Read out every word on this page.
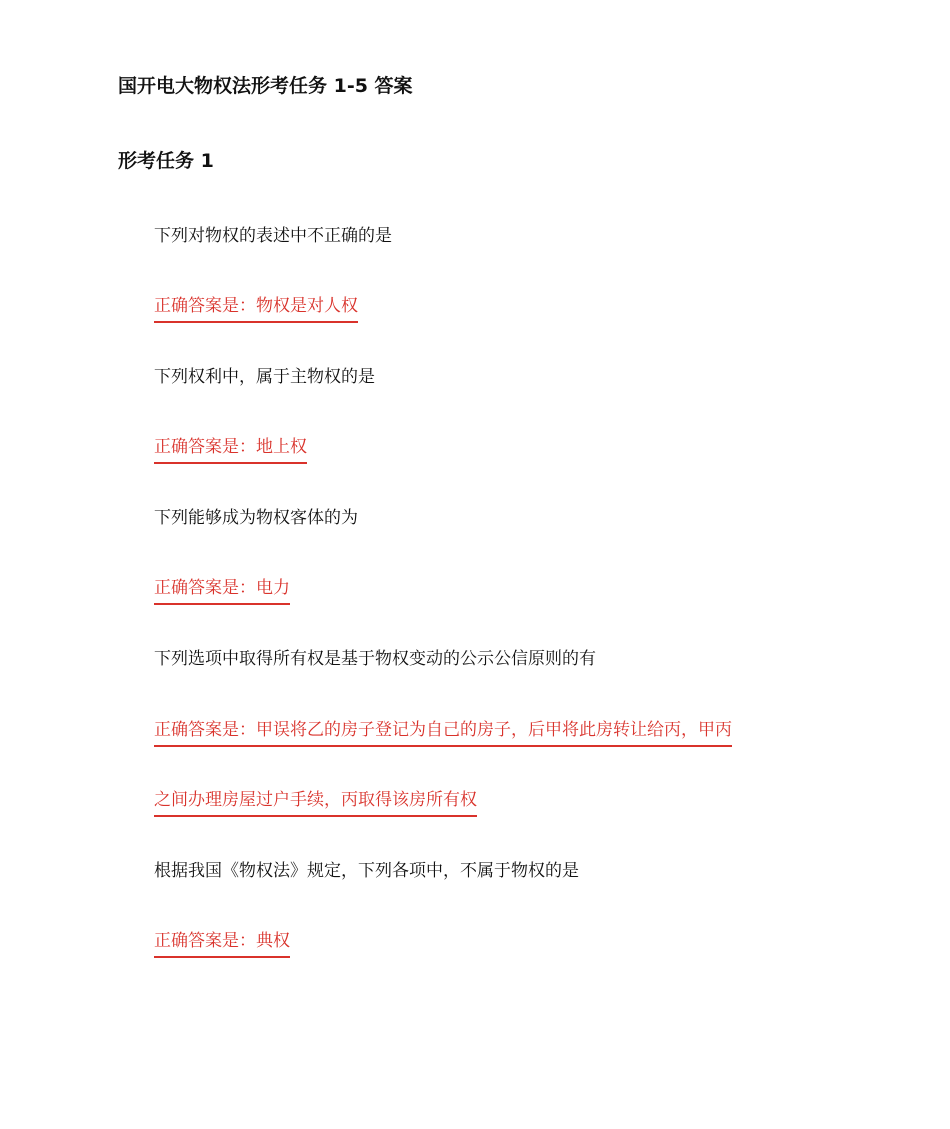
国开电大物权法形考任务 1-5 答案
形考任务 1
下列对物权的表述中不正确的是
正确答案是：物权是对人权
下列权利中，属于主物权的是
正确答案是：地上权
下列能够成为物权客体的为
正确答案是：电力
下列选项中取得所有权是基于物权变动的公示公信原则的有
正确答案是：甲误将乙的房子登记为自己的房子，后甲将此房转让给丙，甲丙
之间办理房屋过户手续，丙取得该房所有权
根据我国《物权法》规定，下列各项中，不属于物权的是
正确答案是：典权
